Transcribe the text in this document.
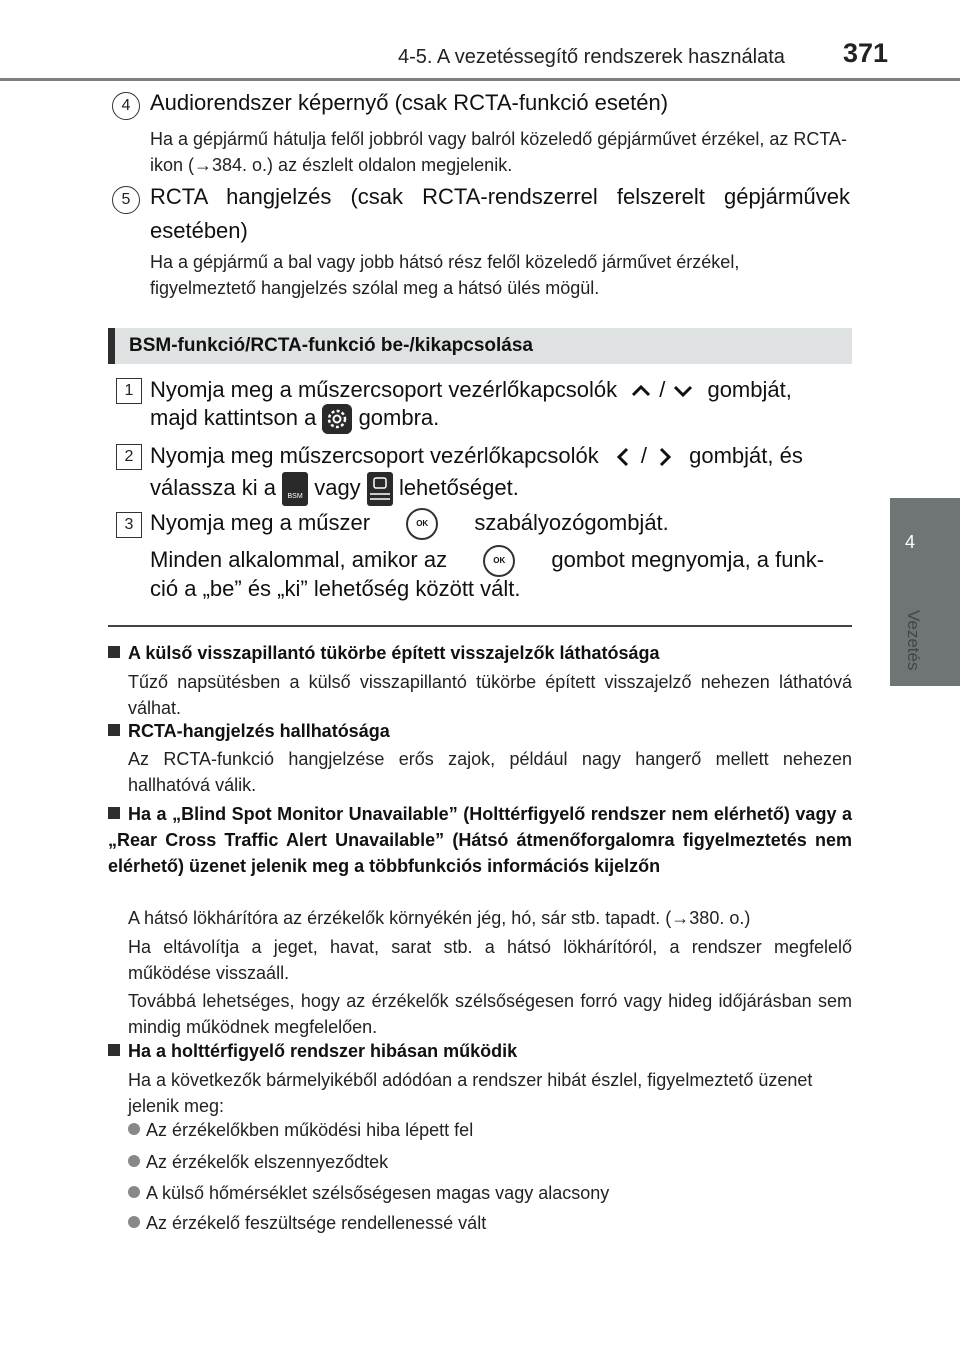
4-5. A vezetéssegítő rendszerek használata 371
4
Vezetés
4 Audiorendszer képernyő (csak RCTA-funkció esetén)
Ha a gépjármű hátulja felől jobbról vagy balról közeledő gépjárművet érzékel, az RCTA-ikon (→384. o.) az észlelt oldalon megjelenik.
5 RCTA hangjelzés (csak RCTA-rendszerrel felszerelt gépjárművek esetében)
Ha a gépjármű a bal vagy jobb hátsó rész felől közeledő járművet érzékel, figyelmeztető hangjelzés szólal meg a hátsó ülés mögül.
BSM-funkció/RCTA-funkció be-/kikapcsolása
1 Nyomja meg a műszercsoport vezérlőkapcsolók / gombját,
majd kattintson a gombra.
2 Nyomja meg műszercsoport vezérlőkapcsolók / gombját, és
válassza ki a BSM vagy lehetőséget.
3 Nyomja meg a műszer	OK szabályozógombját.
Minden alkalommal, amikor az	OK gombot megnyomja, a funk-
ció a „be” és „ki” lehetőség között vált.
A külső visszapillantó tükörbe épített visszajelzők láthatósága
Tűző napsütésben a külső visszapillantó tükörbe épített visszajelző nehezen láthatóvá válhat.
RCTA-hangjelzés hallhatósága
Az RCTA-funkció hangjelzése erős zajok, például nagy hangerő mellett nehezen hallhatóvá válik.
Ha a „Blind Spot Monitor Unavailable” (Holttérfigyelő rendszer nem elérhető) vagy a „Rear Cross Traffic Alert Unavailable” (Hátsó átmenőforgalomra figyelmeztetés nem elérhető) üzenet jelenik meg a többfunkciós információs kijelzőn
A hátsó lökhárítóra az érzékelők környékén jég, hó, sár stb. tapadt. (→380. o.)
Ha eltávolítja a jeget, havat, sarat stb. a hátsó lökhárítóról, a rendszer megfelelő működése visszaáll.
Továbbá lehetséges, hogy az érzékelők szélsőségesen forró vagy hideg időjárásban sem mindig működnek megfelelően.
Ha a holttérfigyelő rendszer hibásan működik
Ha a következők bármelyikéből adódóan a rendszer hibát észlel, figyelmeztető üzenet jelenik meg:
Az érzékelőkben működési hiba lépett fel
Az érzékelők elszennyeződtek
A külső hőmérséklet szélsőségesen magas vagy alacsony
Az érzékelő feszültsége rendellenessé vált
